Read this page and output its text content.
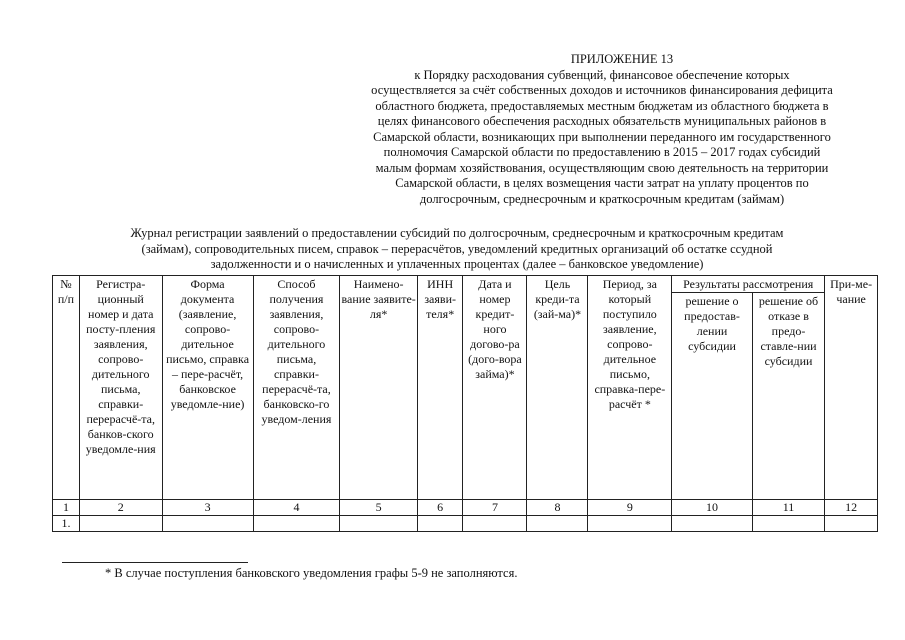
ПРИЛОЖЕНИЕ 13
к Порядку расходования субвенций, финансовое обеспечение которых
осуществляется за счёт собственных доходов и источников финансирования дефицита
областного бюджета, предоставляемых местным бюджетам из областного бюджета в
целях финансового обеспечения расходных обязательств муниципальных районов в
Самарской области, возникающих при выполнении переданного им государственного
полномочия Самарской области по предоставлению в 2015 – 2017 годах субсидий
малым формам хозяйствования, осуществляющим свою деятельность на территории
Самарской области, в целях возмещения части затрат на уплату процентов по
долгосрочным, среднесрочным и краткосрочным кредитам (займам)
Журнал регистрации заявлений о предоставлении субсидий по долгосрочным, среднесрочным и краткосрочным кредитам
(займам), сопроводительных писем, справок – перерасчётов, уведомлений кредитных организаций об остатке ссудной
задолженности и о начисленных и уплаченных процентах (далее – банковское уведомление)
№ п/п	Регистра-ционный номер и дата посту-пления заявления, сопрово-дительного письма, справки-перерасчё-та, банков-ского уведомле-ния	Форма документа (заявление, сопрово-дительное письмо, справка – пере-расчёт, банковское уведомле-ние)	Способ получения заявления, сопрово-дительного письма, справки-перерасчё-та, банковско-го уведом-ления	Наимено-вание заявите-ля*	ИНН заяви-теля*	Дата и номер кредит-ного догово-ра (дого-вора займа)*	Цель креди-та (зай-ма)*	Период, за который поступило заявление, сопрово-дительное письмо, справка-пере-расчёт *	Результаты рассмотрения		При-ме-чание
									решение о предостав-лении субсидии	решение об отказе в предо-ставле-нии субсидии	
1	2	3	4	5	6	7	8	9	10	11	12
1.											
* В случае поступления банковского уведомления графы 5-9 не заполняются.
